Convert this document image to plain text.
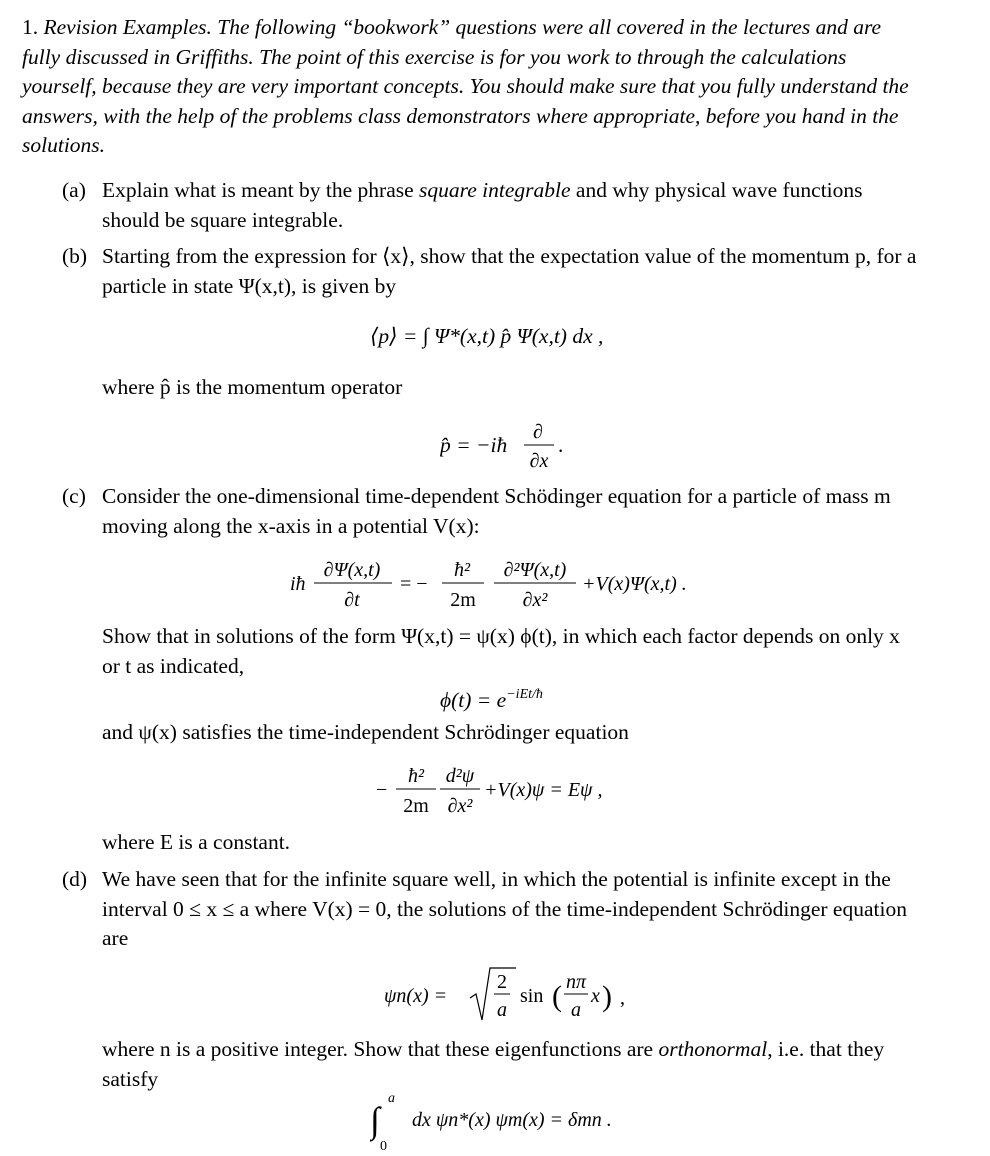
1. Revision Examples. The following “bookwork” questions were all covered in the lectures and are fully discussed in Griffiths. The point of this exercise is for you work to through the calculations yourself, because they are very important concepts. You should make sure that you fully understand the answers, with the help of the problems class demonstrators where appropriate, before you hand in the solutions.
(a) Explain what is meant by the phrase square integrable and why physical wave functions should be square integrable.
(b) Starting from the expression for ⟨x⟩, show that the expectation value of the momentum p, for a particle in state Ψ(x,t), is given by
⟨p⟩ = ∫ Ψ*(x,t) p̂ Ψ(x,t) dx ,
where p̂ is the momentum operator
p̂ = −iħ
∂
∂x
.
(c) Consider the one-dimensional time-dependent Schödinger equation for a particle of mass m moving along the x-axis in a potential V(x):
iħ
∂Ψ(x,t)
∂t
= −
ħ²
2m
∂²Ψ(x,t)
∂x²
+V(x)Ψ(x,t) .
Show that in solutions of the form Ψ(x,t) = ψ(x) ϕ(t), in which each factor depends on only x or t as indicated,
$\phi(t) = e^{-iEt/ħ}$
and ψ(x) satisfies the time-independent Schrödinger equation
−
ħ²
2m
d²ψ
∂x²
+V(x)ψ = Eψ ,
where E is a constant.
(d) We have seen that for the infinite square well, in which the potential is infinite except in the interval 0 ≤ x ≤ a where V(x) = 0, the solutions of the time-independent Schrödinger equation are
ψn(x) =
2
a
sin ( nπ
a
x ) ,
where n is a positive integer. Show that these eigenfunctions are orthonormal, i.e. that they satisfy
∫
a
0
dx ψn*(x) ψm(x) = δmn .
